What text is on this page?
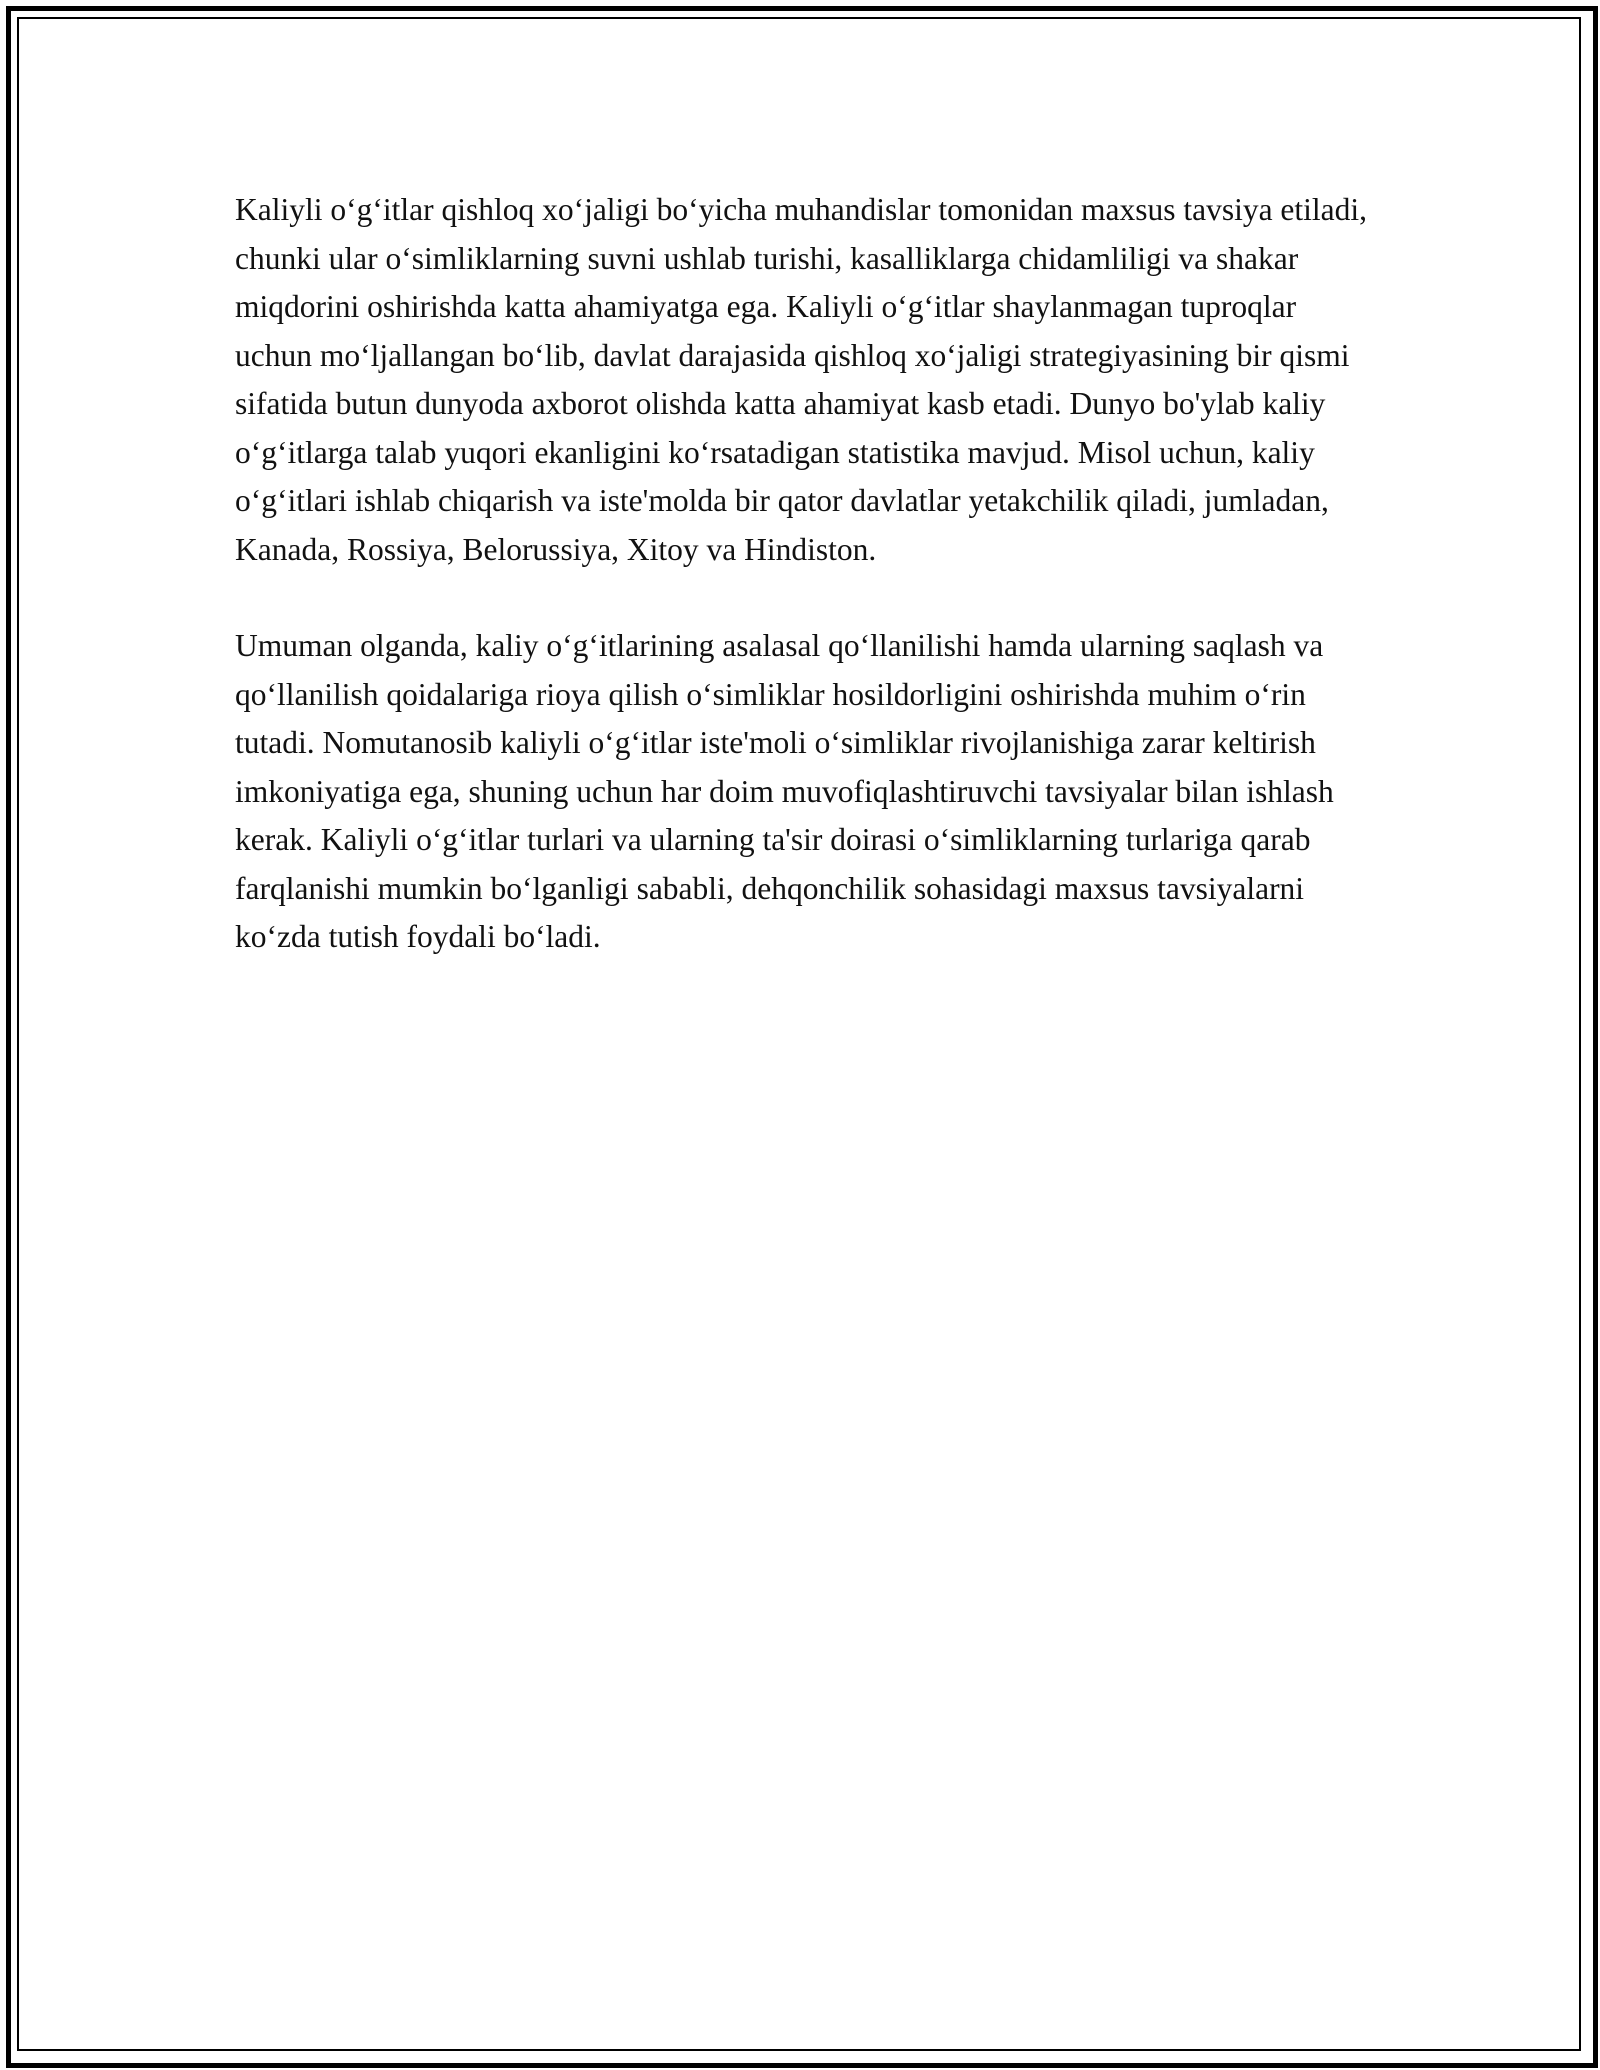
Kaliyli o‘g‘itlar qishloq xo‘jaligi bo‘yicha muhandislar tomonidan maxsus tavsiya etiladi, chunki ular o‘simliklarning suvni ushlab turishi, kasalliklarga chidamliligi va shakar miqdorini oshirishda katta ahamiyatga ega. Kaliyli o‘g‘itlar shaylanmagan tuproqlar uchun mo‘ljallangan bo‘lib, davlat darajasida qishloq xo‘jaligi strategiyasining bir qismi sifatida butun dunyoda axborot olishda katta ahamiyat kasb etadi. Dunyo bo'ylab kaliy o‘g‘itlarga talab yuqori ekanligini ko‘rsatadigan statistika mavjud. Misol uchun, kaliy o‘g‘itlari ishlab chiqarish va iste'molda bir qator davlatlar yetakchilik qiladi, jumladan, Kanada, Rossiya, Belorussiya, Xitoy va Hindiston.

Umuman olganda, kaliy o‘g‘itlarining asalasal qo‘llanilishi hamda ularning saqlash va qo‘llanilish qoidalariga rioya qilish o‘simliklar hosildorligini oshirishda muhim o‘rin tutadi. Nomutanosib kaliyli o‘g‘itlar iste'moli o‘simliklar rivojlanishiga zarar keltirish imkoniyatiga ega, shuning uchun har doim muvofiqlashtiruvchi tavsiyalar bilan ishlash kerak. Kaliyli o‘g‘itlar turlari va ularning ta'sir doirasi o‘simliklarning turlariga qarab farqlanishi mumkin bo‘lganligi sababli, dehqonchilik sohasidagi maxsus tavsiyalarni ko‘zda tutish foydali bo‘ladi.
